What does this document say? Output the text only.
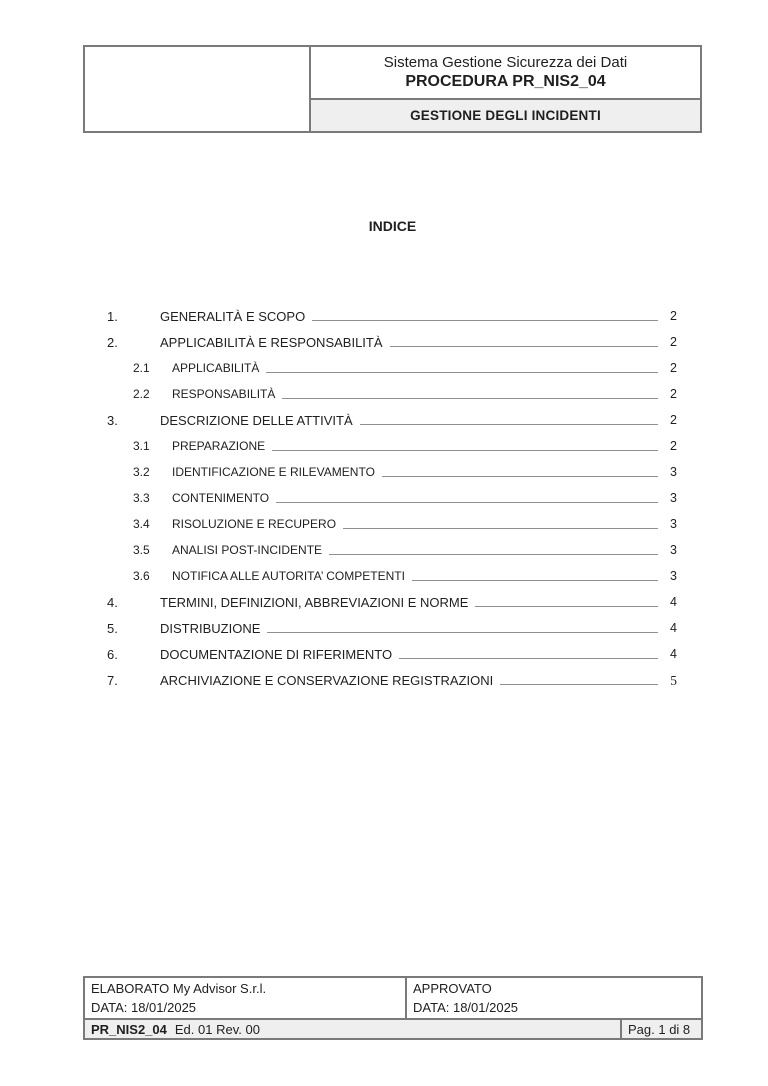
Sistema Gestione Sicurezza dei Dati
PROCEDURA PR_NIS2_04
GESTIONE DEGLI INCIDENTI
INDICE
1.	GENERALITÀ E SCOPO	2
2.	APPLICABILITÀ E RESPONSABILITÀ	2
2.1	APPLICABILITÀ	2
2.2	RESPONSABILITÀ	2
3.	DESCRIZIONE DELLE ATTIVITÀ	2
3.1	PREPARAZIONE	2
3.2	IDENTIFICAZIONE E RILEVAMENTO	3
3.3	CONTENIMENTO	3
3.4	RISOLUZIONE E RECUPERO	3
3.5	ANALISI POST-INCIDENTE	3
3.6	NOTIFICA ALLE AUTORITA’ COMPETENTI	3
4.	TERMINI, DEFINIZIONI, ABBREVIAZIONI E NORME	4
5.	DISTRIBUZIONE	4
6.	DOCUMENTAZIONE DI RIFERIMENTO	4
7.	ARCHIVIAZIONE E CONSERVAZIONE REGISTRAZIONI	5
ELABORATO My Advisor S.r.l.
DATA: 18/01/2025
APPROVATO
DATA: 18/01/2025
PR_NIS2_04 Ed. 01 Rev. 00	Pag. 1 di 8
